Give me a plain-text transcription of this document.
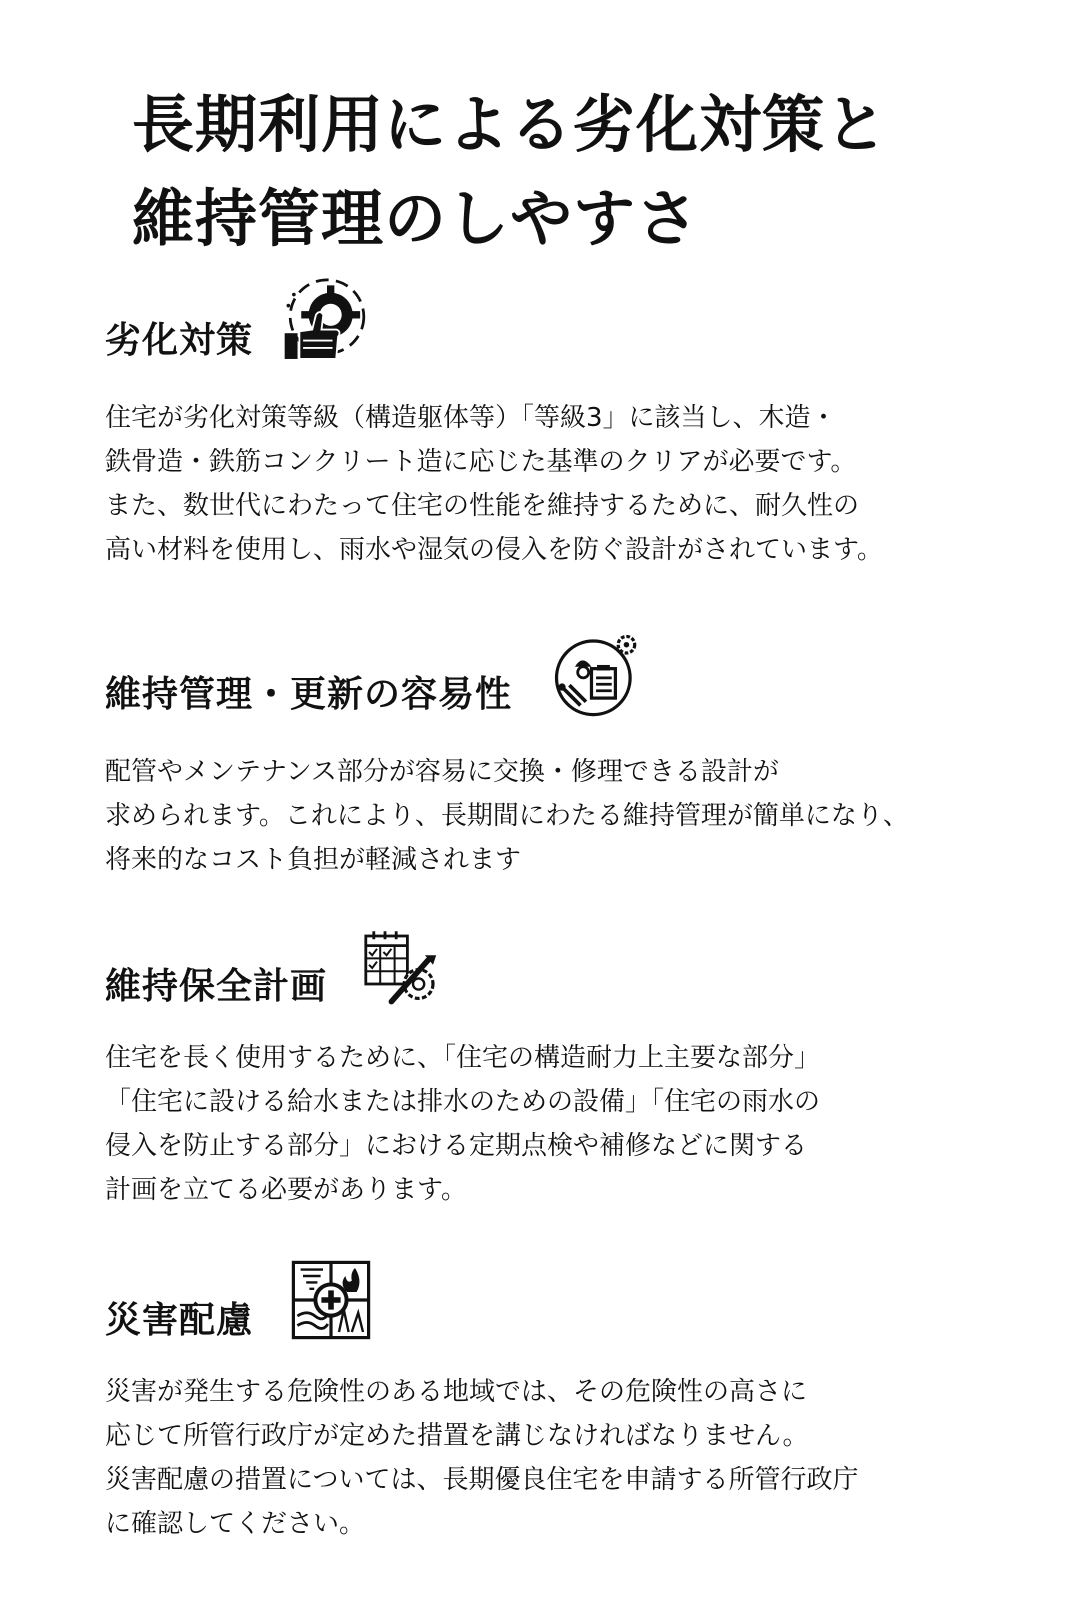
長期利用による劣化対策と
維持管理のしやすさ
劣化対策

住宅が劣化対策等級（構造躯体等）「等級3」に該当し、木造・
鉄骨造・鉄筋コンクリート造に応じた基準のクリアが必要です。
また、数世代にわたって住宅の性能を維持するために、耐久性の
高い材料を使用し、雨水や湿気の侵入を防ぐ設計がされています。

維持管理・更新の容易性

配管やメンテナンス部分が容易に交換・修理できる設計が
求められます。これにより、長期間にわたる維持管理が簡単になり、
将来的なコスト負担が軽減されます

維持保全計画

住宅を長く使用するために、「住宅の構造耐力上主要な部分」
「住宅に設ける給水または排水のための設備」「住宅の雨水の
侵入を防止する部分」における定期点検や補修などに関する
計画を立てる必要があります。

災害配慮

災害が発生する危険性のある地域では、その危険性の高さに
応じて所管行政庁が定めた措置を講じなければなりません。
災害配慮の措置については、長期優良住宅を申請する所管行政庁
に確認してください。
